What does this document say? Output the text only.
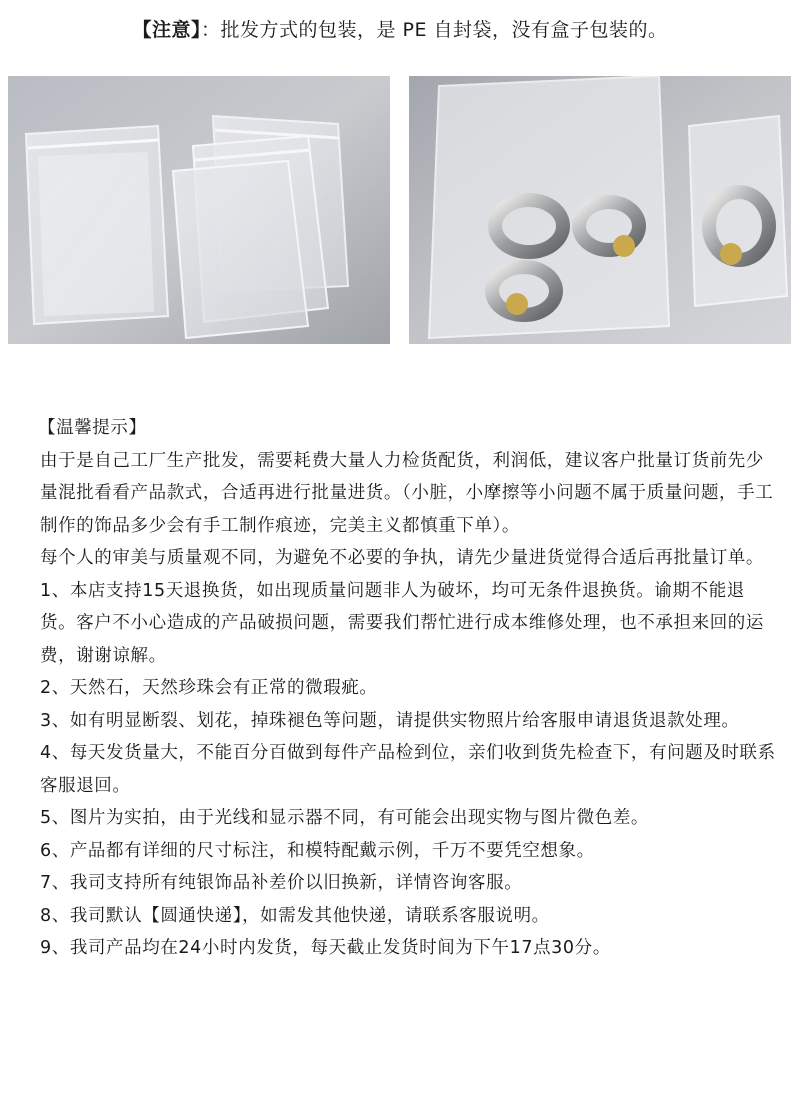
【注意】：批发方式的包装，是 PE 自封袋，没有盒子包装的。

【温馨提示】

由于是自己工厂生产批发，需要耗费大量人力检货配货，利润低，建议客户批量订货前先少量混批看看产品款式，合适再进行批量进货。（小脏，小摩擦等小问题不属于质量问题，手工制作的饰品多少会有手工制作痕迹，完美主义都慎重下单）。

每个人的审美与质量观不同，为避免不必要的争执，请先少量进货觉得合适后再批量订单。

1、本店支持15天退换货，如出现质量问题非人为破坏，均可无条件退换货。谕期不能退货。客户不小心造成的产品破损问题，需要我们帮忙进行成本维修处理，也不承担来回的运费，谢谢谅解。

2、天然石，天然珍珠会有正常的微瑕疵。

3、如有明显断裂、划花，掉珠褪色等问题，请提供实物照片给客服申请退货退款处理。

4、每天发货量大，不能百分百做到每件产品检到位，亲们收到货先检查下，有问题及时联系客服退回。

5、图片为实拍，由于光线和显示器不同，有可能会出现实物与图片微色差。

6、产品都有详细的尺寸标注，和模特配戴示例，千万不要凭空想象。

7、我司支持所有纯银饰品补差价以旧换新，详情咨询客服。

8、我司默认【圆通快递】，如需发其他快递，请联系客服说明。

9、我司产品均在24小时内发货，每天截止发货时间为下午17点30分。
